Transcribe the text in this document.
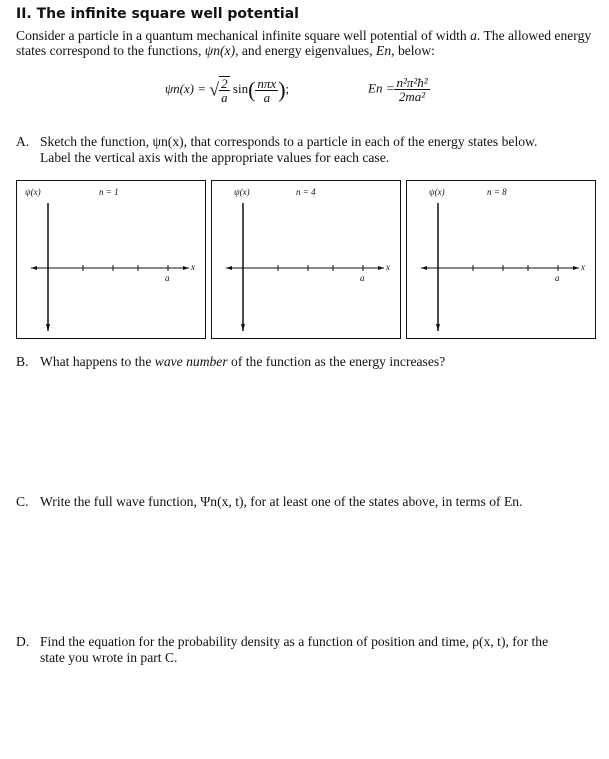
II. The infinite square well potential
Consider a particle in a quantum mechanical infinite square well potential of width a. The allowed energy states correspond to the functions, ψn(x), and energy eigenvalues, En, below:
ψn(x) = √ $\frac{2}{a} \sin( \frac{\text{nπx}}{a}$ );	$En = \frac{\text{n²π²ħ²}}{\text{2ma²}}$
A. Sketch the function, ψn(x), that corresponds to a particle in each of the energy states below.
Label the vertical axis with the appropriate values for each case.
ψ(x)	n = 1
x
a
ψ(x)	n = 4
x
a
ψ(x)	n = 8
x
a
B. What happens to the wave number of the function as the energy increases?
C. Write the full wave function, Ψn(x, t), for at least one of the states above, in terms of En.
D. Find the equation for the probability density as a function of position and time, ρ(x, t), for the
state you wrote in part C.
